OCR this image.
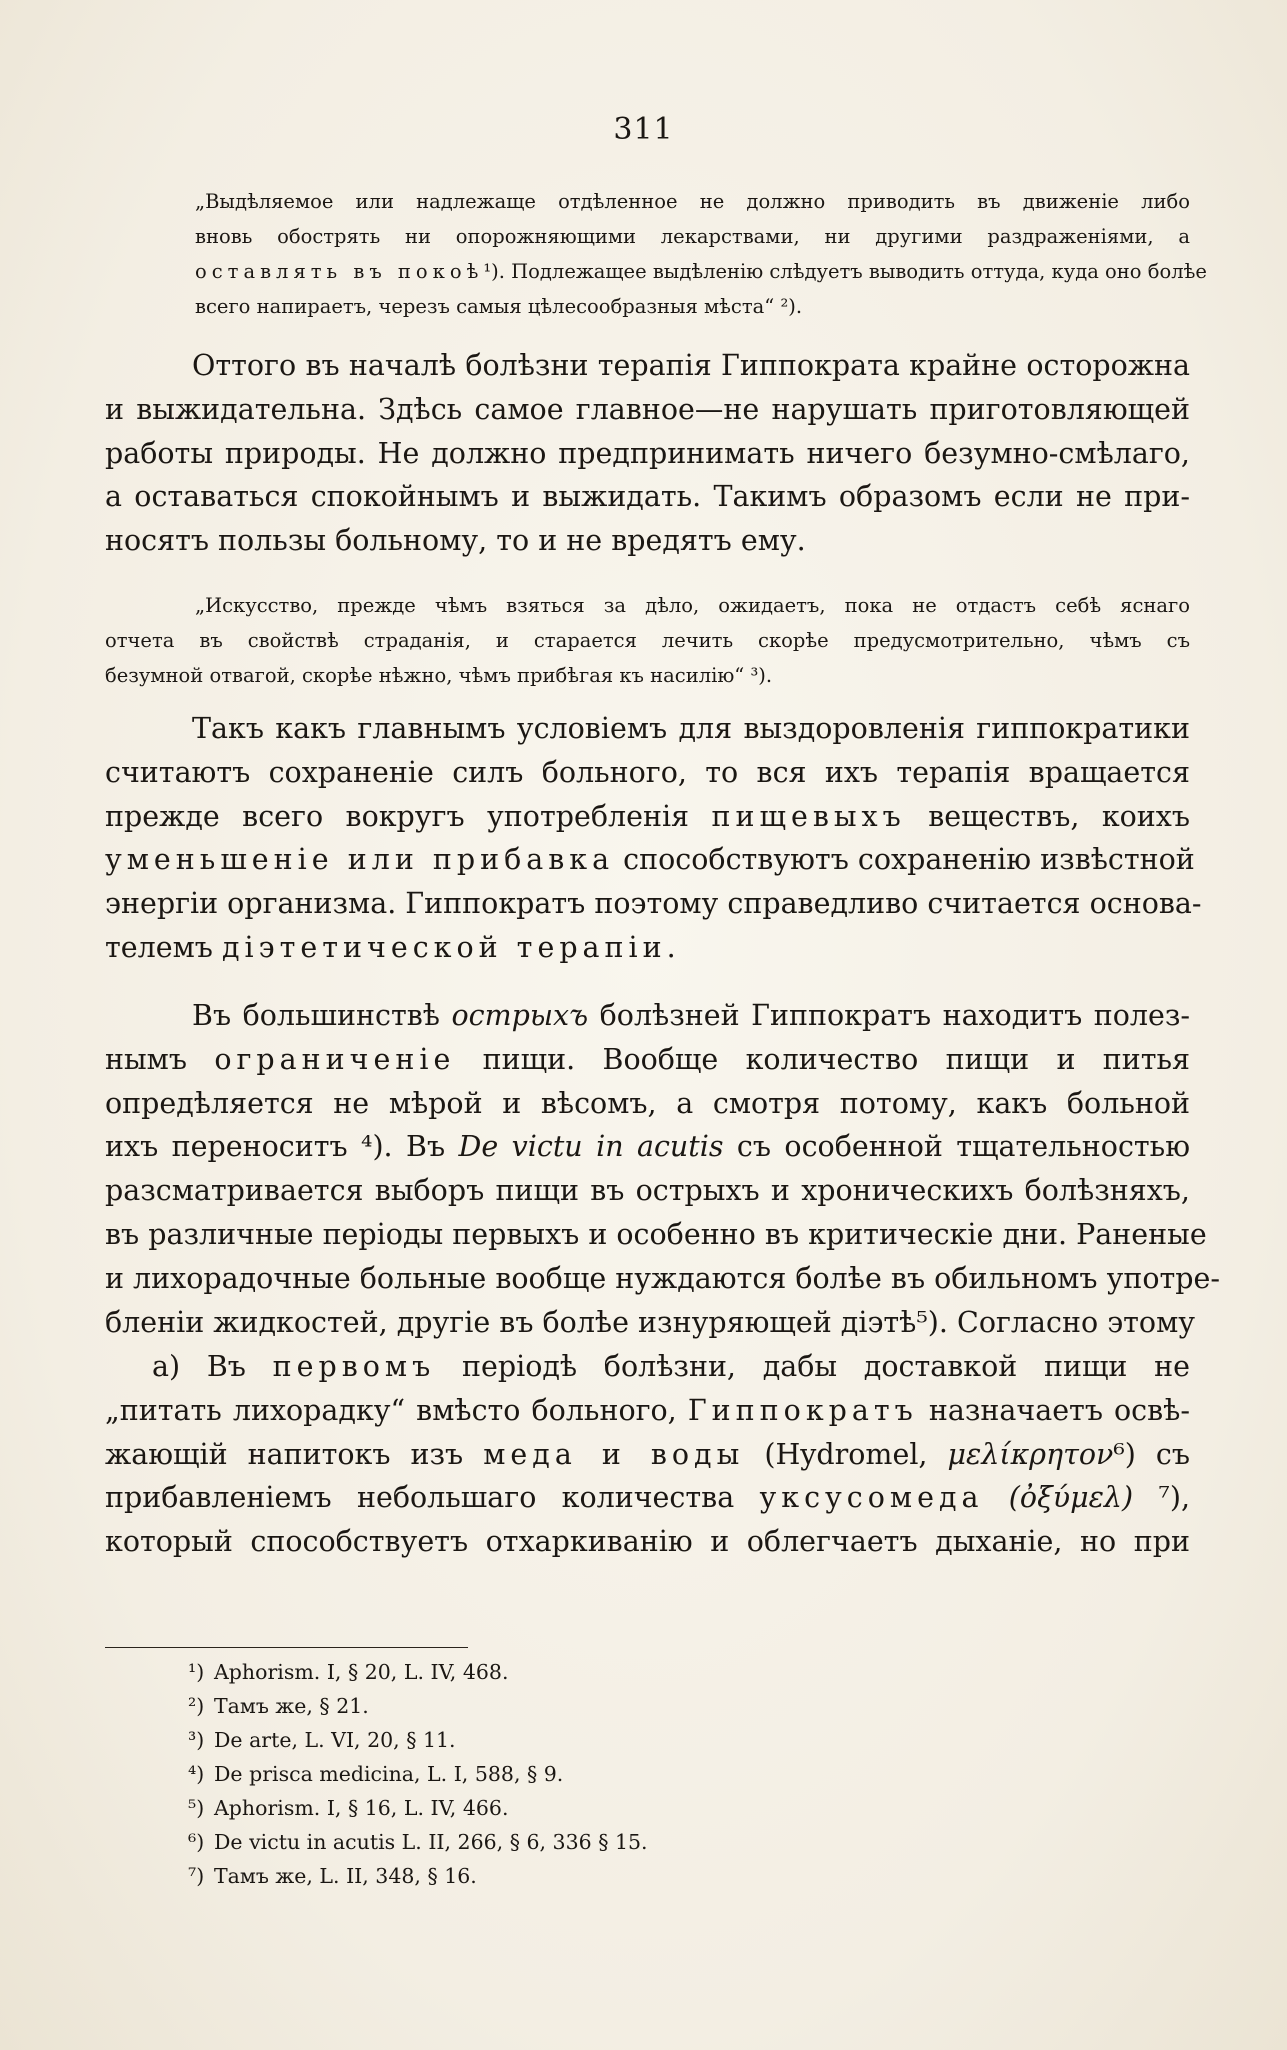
311
„Выдѣляемое или надлежаще отдѣленное не должно приводить въ движеніе либо
вновь обострять ни опорожняющими лекарствами, ни другими раздраженіями, а
оставлять въ покоѣ¹). Подлежащее выдѣленію слѣдуетъ выводить оттуда, куда оно болѣе
всего напираетъ, черезъ самыя цѣлесообразныя мѣста“ ²).
Оттого въ началѣ болѣзни терапія Гиппократа крайне осторожна
и выжидательна. Здѣсь самое главное—не нарушать приготовляющей
работы природы. Не должно предпринимать ничего безумно-смѣлаго,
а оставаться спокойнымъ и выжидать. Такимъ образомъ если не при-
носятъ пользы больному, то и не вредятъ ему.
„Искусство, прежде чѣмъ взяться за дѣло, ожидаетъ, пока не отдастъ себѣ яснаго
отчета въ свойствѣ страданія, и старается лечить скорѣе предусмотрительно, чѣмъ съ
безумной отвагой, скорѣе нѣжно, чѣмъ прибѣгая къ насилію“ ³).
Такъ какъ главнымъ условіемъ для выздоровленія гиппократики
считаютъ сохраненіе силъ больного, то вся ихъ терапія вращается
прежде всего вокругъ употребленія пищевыхъ веществъ, коихъ
уменьшеніе или прибавка способствуютъ сохраненію извѣстной
энергіи организма. Гиппократъ поэтому справедливо считается основа-
телемъ діэтетической терапіи.
Въ большинствѣ острыхъ болѣзней Гиппократъ находитъ полез-
нымъ ограниченіе пищи. Вообще количество пищи и питья
опредѣляется не мѣрой и вѣсомъ, а смотря потому, какъ больной
ихъ переноситъ ⁴). Въ De victu in acutis съ особенной тщательностью
разсматривается выборъ пищи въ острыхъ и хроническихъ болѣзняхъ,
въ различные періоды первыхъ и особенно въ критическіе дни. Раненые
и лихорадочные больные вообще нуждаются болѣе въ обильномъ употре-
бленіи жидкостей, другіе въ болѣе изнуряющей діэтѣ⁵). Согласно этому
а) Въ первомъ періодѣ болѣзни, дабы доставкой пищи не
„питать лихорадку“ вмѣсто больного, Гиппократъ назначаетъ освѣ-
жающій напитокъ изъ меда и воды (Hydromel, μελίκρητον⁶) съ
прибавленіемъ небольшаго количества уксусомеда (ὀξύμελ) ⁷),
который способствуетъ отхаркиванію и облегчаетъ дыханіе, но при
¹) Aphorism. I, § 20, L. IV, 468.
²) Тамъ же, § 21.
³) De arte, L. VI, 20, § 11.
⁴) De prisca medicina, L. I, 588, § 9.
⁵) Aphorism. I, § 16, L. IV, 466.
⁶) De victu in acutis L. II, 266, § 6, 336 § 15.
⁷) Тамъ же, L. II, 348, § 16.
